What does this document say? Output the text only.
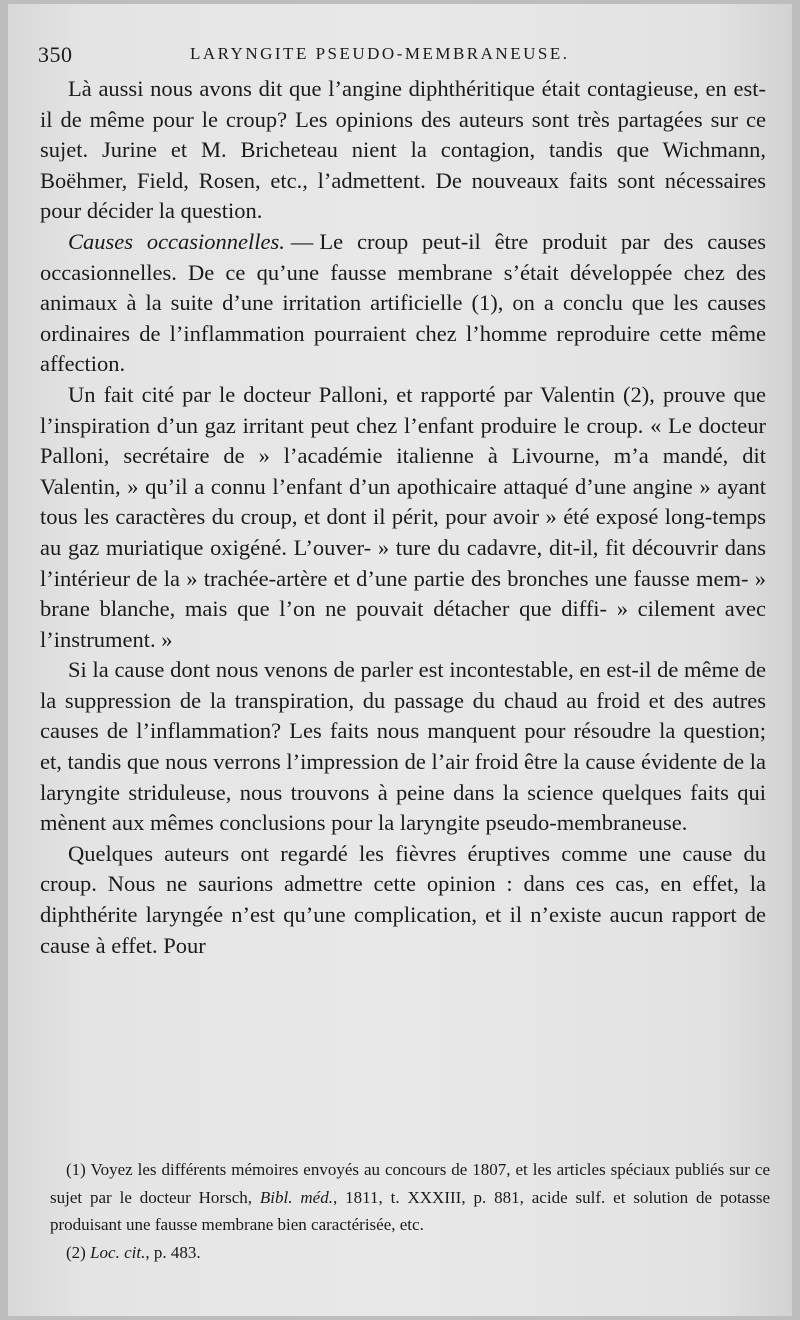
350	LARYNGITE PSEUDO-MEMBRANEUSE.

Là aussi nous avons dit que l’angine diphthéritique était contagieuse, en est-il de même pour le croup? Les opinions des auteurs sont très partagées sur ce sujet. Jurine et M. Bricheteau nient la contagion, tandis que Wichmann, Boëhmer, Field, Rosen, etc., l’admettent. De nouveaux faits sont nécessaires pour décider la question.

Causes occasionnelles. — Le croup peut-il être produit par des causes occasionnelles. De ce qu’une fausse membrane s’était développée chez des animaux à la suite d’une irritation artificielle (1), on a conclu que les causes ordinaires de l’inflammation pourraient chez l’homme reproduire cette même affection.

Un fait cité par le docteur Palloni, et rapporté par Valentin (2), prouve que l’inspiration d’un gaz irritant peut chez l’enfant produire le croup. « Le docteur Palloni, secrétaire de » l’académie italienne à Livourne, m’a mandé, dit Valentin, » qu’il a connu l’enfant d’un apothicaire attaqué d’une angine » ayant tous les caractères du croup, et dont il périt, pour avoir » été exposé long-temps au gaz muriatique oxigéné. L’ouver- » ture du cadavre, dit-il, fit découvrir dans l’intérieur de la » trachée-artère et d’une partie des bronches une fausse mem- » brane blanche, mais que l’on ne pouvait détacher que diffi- » cilement avec l’instrument. »

Si la cause dont nous venons de parler est incontestable, en est-il de même de la suppression de la transpiration, du passage du chaud au froid et des autres causes de l’inflammation? Les faits nous manquent pour résoudre la question; et, tandis que nous verrons l’impression de l’air froid être la cause évidente de la laryngite striduleuse, nous trouvons à peine dans la science quelques faits qui mènent aux mêmes conclusions pour la laryngite pseudo-membraneuse.

Quelques auteurs ont regardé les fièvres éruptives comme une cause du croup. Nous ne saurions admettre cette opinion : dans ces cas, en effet, la diphthérite laryngée n’est qu’une complication, et il n’existe aucun rapport de cause à effet. Pour

(1) Voyez les différents mémoires envoyés au concours de 1807, et les articles spéciaux publiés sur ce sujet par le docteur Horsch, Bibl. méd., 1811, t. XXXIII, p. 881, acide sulf. et solution de potasse produisant une fausse membrane bien caractérisée, etc.

(2) Loc. cit., p. 483.
